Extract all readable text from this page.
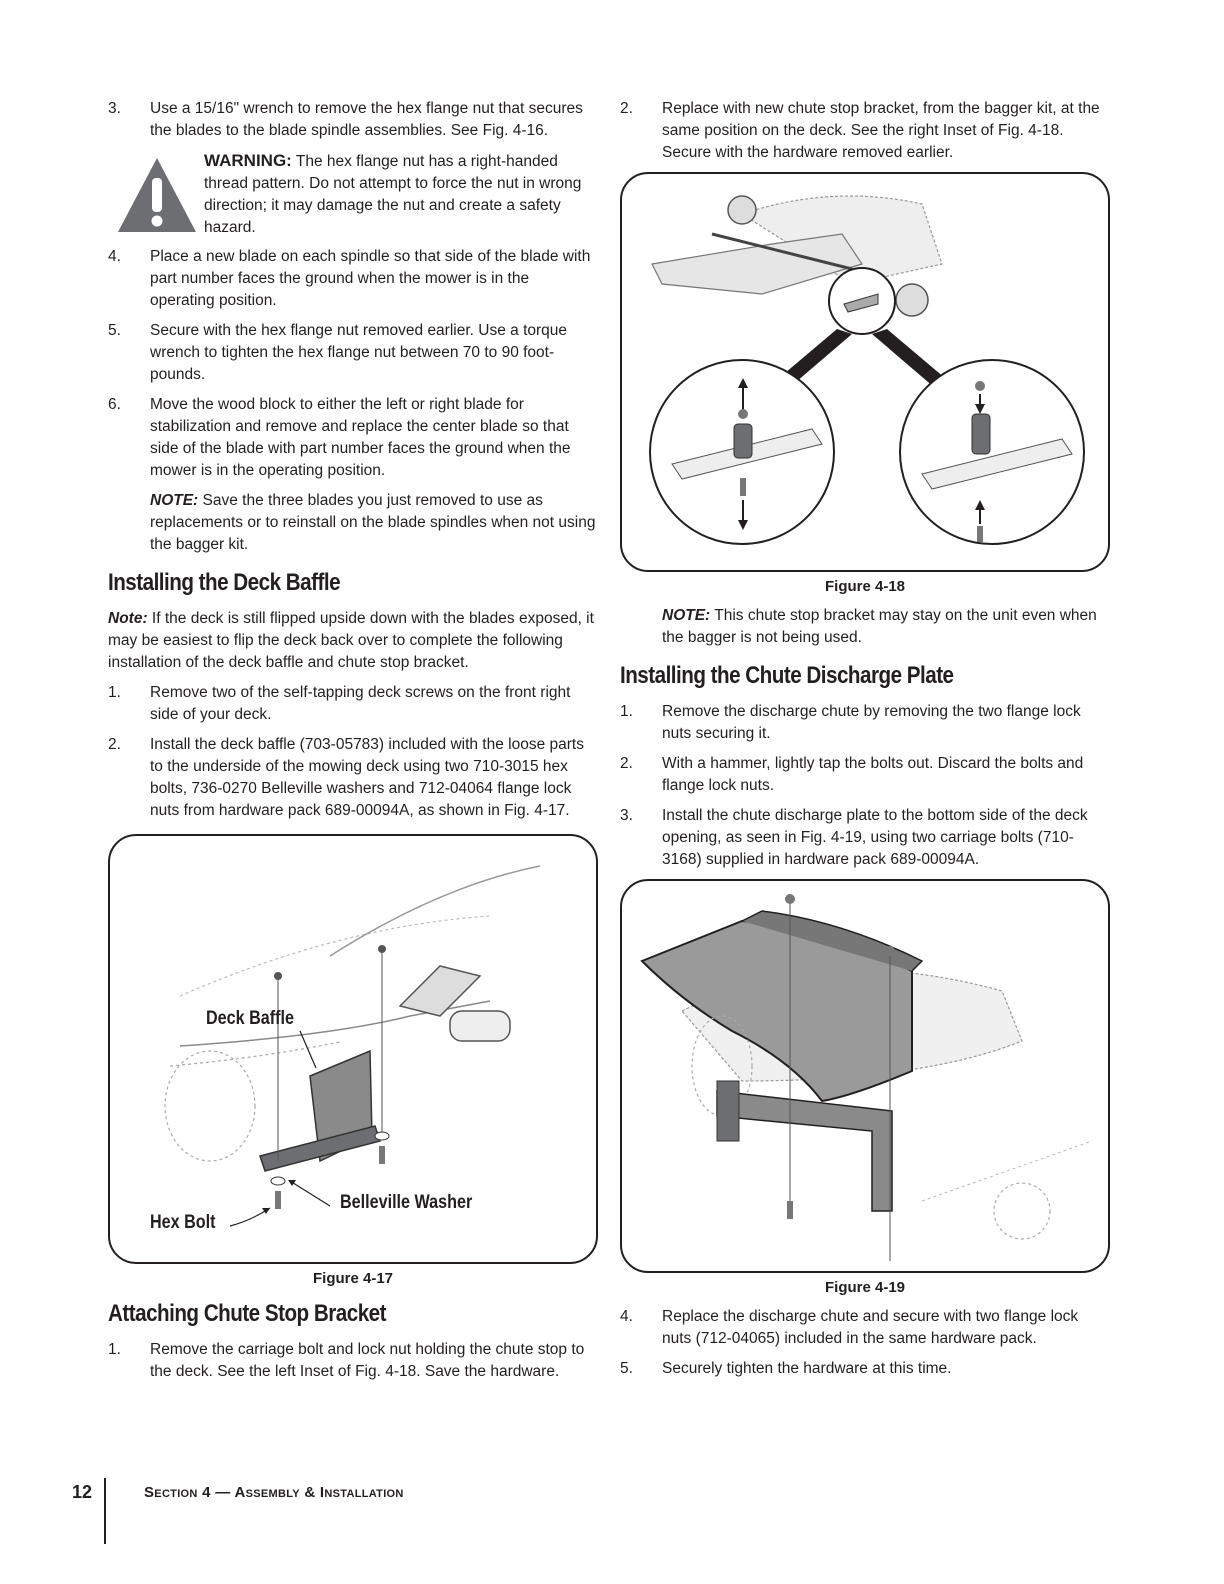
3. Use a 15/16" wrench to remove the hex flange nut that secures the blades to the blade spindle assemblies. See Fig. 4-16.
WARNING: The hex flange nut has a right-handed thread pattern. Do not attempt to force the nut in wrong direction; it may damage the nut and create a safety hazard.
4. Place a new blade on each spindle so that side of the blade with part number faces the ground when the mower is in the operating position.
5. Secure with the hex flange nut removed earlier. Use a torque wrench to tighten the hex flange nut between 70 to 90 foot-pounds.
6. Move the wood block to either the left or right blade for stabilization and remove and replace the center blade so that side of the blade with part number faces the ground when the mower is in the operating position.
NOTE: Save the three blades you just removed to use as replacements or to reinstall on the blade spindles when not using the bagger kit.
Installing the Deck Baffle
Note: If the deck is still flipped upside down with the blades exposed, it may be easiest to flip the deck back over to complete the following installation of the deck baffle and chute stop bracket.
1. Remove two of the self-tapping deck screws on the front right side of your deck.
2. Install the deck baffle (703-05783) included with the loose parts to the underside of the mowing deck using two 710-3015 hex bolts, 736-0270 Belleville washers and 712-04064 flange lock nuts from hardware pack 689-00094A, as shown in Fig. 4-17.
Deck Baffle
Hex Bolt
Belleville Washer
Figure 4-17
Attaching Chute Stop Bracket
1. Remove the carriage bolt and lock nut holding the chute stop to the deck. See the left Inset of Fig. 4-18. Save the hardware.
2. Replace with new chute stop bracket, from the bagger kit, at the same position on the deck. See the right Inset of Fig. 4-18. Secure with the hardware removed earlier.
Figure 4-18
NOTE: This chute stop bracket may stay on the unit even when the bagger is not being used.
Installing the Chute Discharge Plate
1. Remove the discharge chute by removing the two flange lock nuts securing it.
2. With a hammer, lightly tap the bolts out. Discard the bolts and flange lock nuts.
3. Install the chute discharge plate to the bottom side of the deck opening, as seen in Fig. 4-19, using two carriage bolts (710-3168) supplied in hardware pack 689-00094A.
Figure 4-19
4. Replace the discharge chute and secure with two flange lock nuts (712-04065) included in the same hardware pack.
5. Securely tighten the hardware at this time.
12	Section 4 — Assembly & Installation
